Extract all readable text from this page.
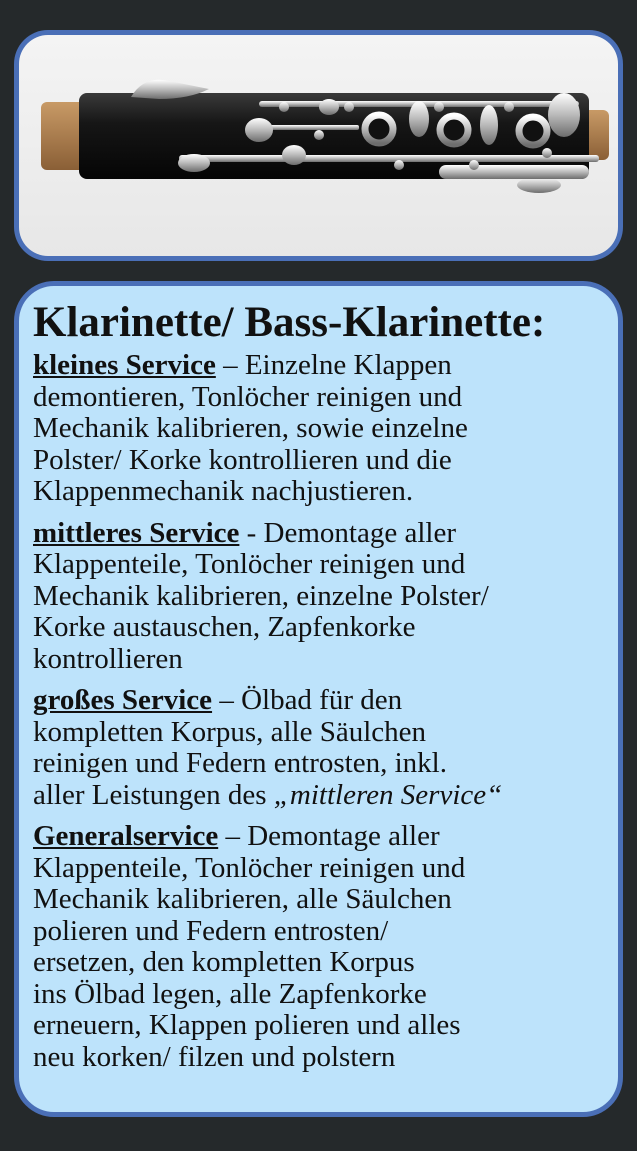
Klarinette/ Bass-Klarinette:
kleines Service – Einzelne Klappen
demontieren, Tonlöcher reinigen und
Mechanik kalibrieren, sowie einzelne
Polster/ Korke kontrollieren und die
Klappenmechanik nachjustieren.
mittleres Service - Demontage aller
Klappenteile, Tonlöcher reinigen und
Mechanik kalibrieren, einzelne Polster/
Korke austauschen, Zapfenkorke
kontrollieren
großes Service – Ölbad für den
kompletten Korpus, alle Säulchen
reinigen und Federn entrosten, inkl.
aller Leistungen des „mittleren Service“
Generalservice – Demontage aller
Klappenteile, Tonlöcher reinigen und
Mechanik kalibrieren, alle Säulchen
polieren und Federn entrosten/
ersetzen, den kompletten Korpus
ins Ölbad legen, alle Zapfenkorke
erneuern, Klappen polieren und alles
neu korken/ filzen und polstern
